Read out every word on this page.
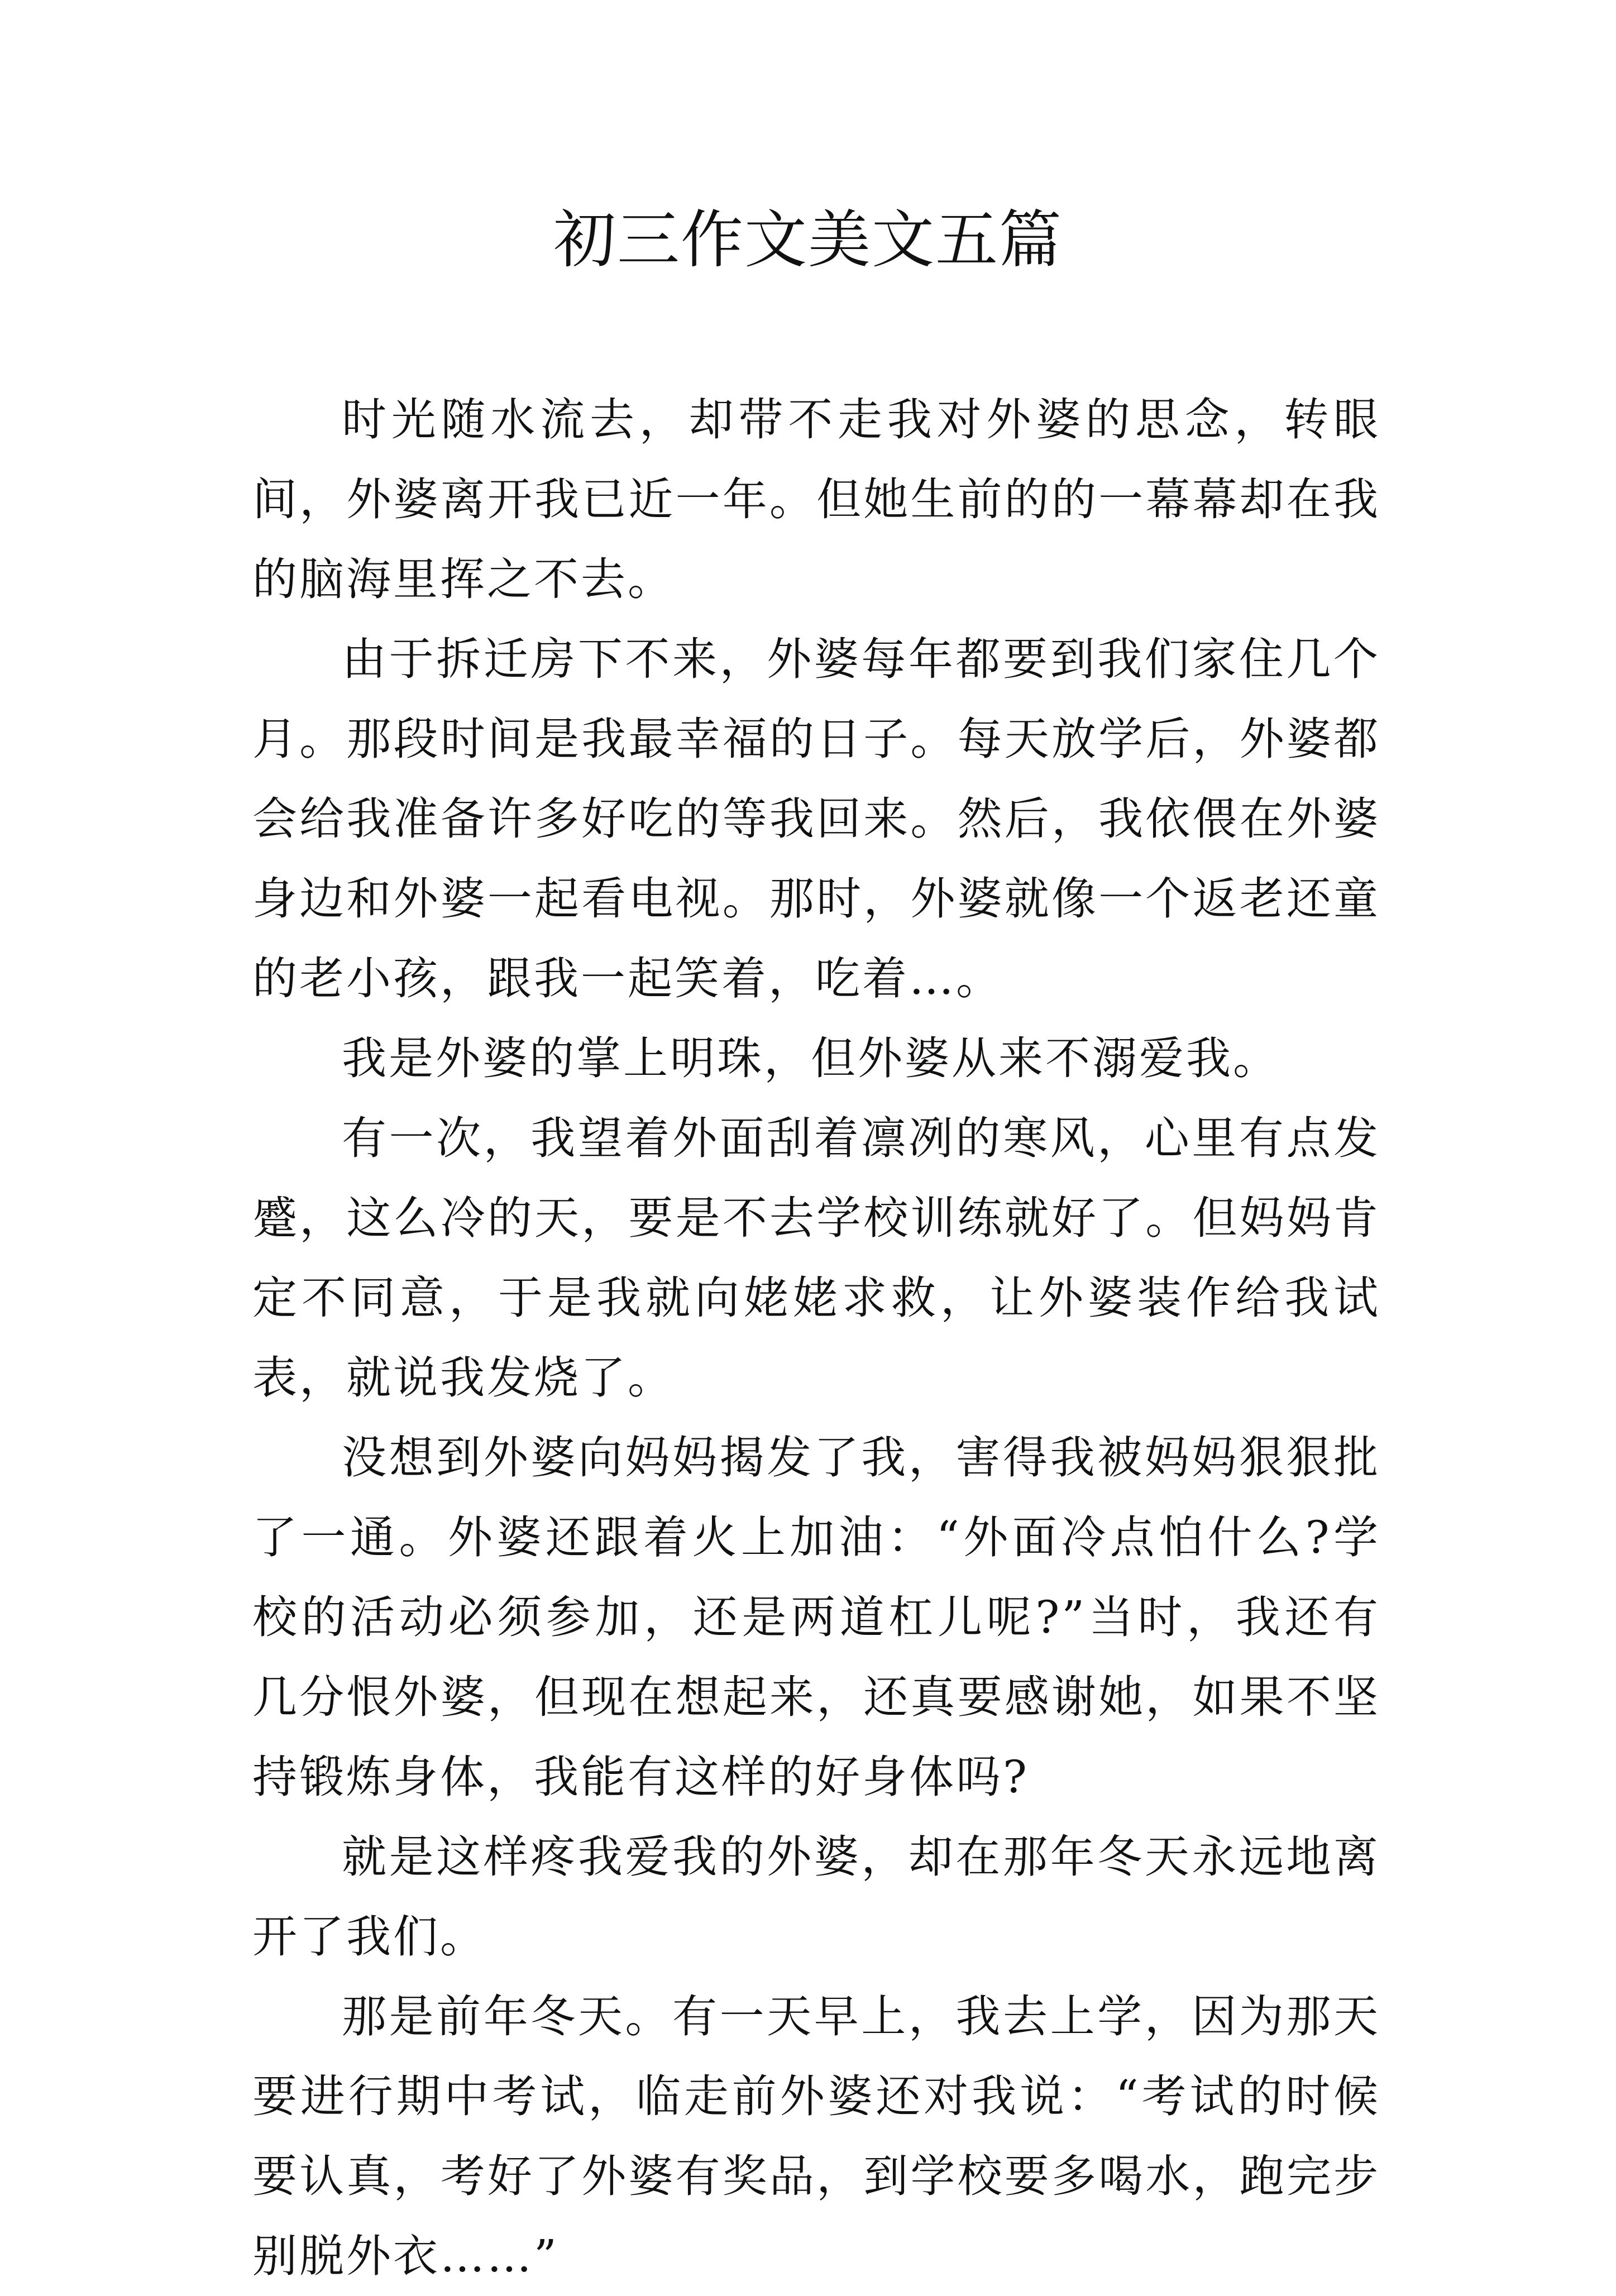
初三作文美文五篇

时光随水流去，却带不走我对外婆的思念，转眼间，外婆离开我已近一年。但她生前的的一幕幕却在我的脑海里挥之不去。

由于拆迁房下不来，外婆每年都要到我们家住几个月。那段时间是我最幸福的日子。每天放学后，外婆都会给我准备许多好吃的等我回来。然后，我依偎在外婆身边和外婆一起看电视。那时，外婆就像一个返老还童的老小孩，跟我一起笑着，吃着…。

我是外婆的掌上明珠，但外婆从来不溺爱我。

有一次，我望着外面刮着凛冽的寒风，心里有点发蹙，这么冷的天，要是不去学校训练就好了。但妈妈肯定不同意，于是我就向姥姥求救，让外婆装作给我试表，就说我发烧了。

没想到外婆向妈妈揭发了我，害得我被妈妈狠狠批了一通。外婆还跟着火上加油：“外面冷点怕什么?学校的活动必须参加，还是两道杠儿呢?”当时，我还有几分恨外婆，但现在想起来，还真要感谢她，如果不坚持锻炼身体，我能有这样的好身体吗?

就是这样疼我爱我的外婆，却在那年冬天永远地离开了我们。

那是前年冬天。有一天早上，我去上学，因为那天要进行期中考试，临走前外婆还对我说：“考试的时候要认真，考好了外婆有奖品，到学校要多喝水，跑完步别脱外衣……”
